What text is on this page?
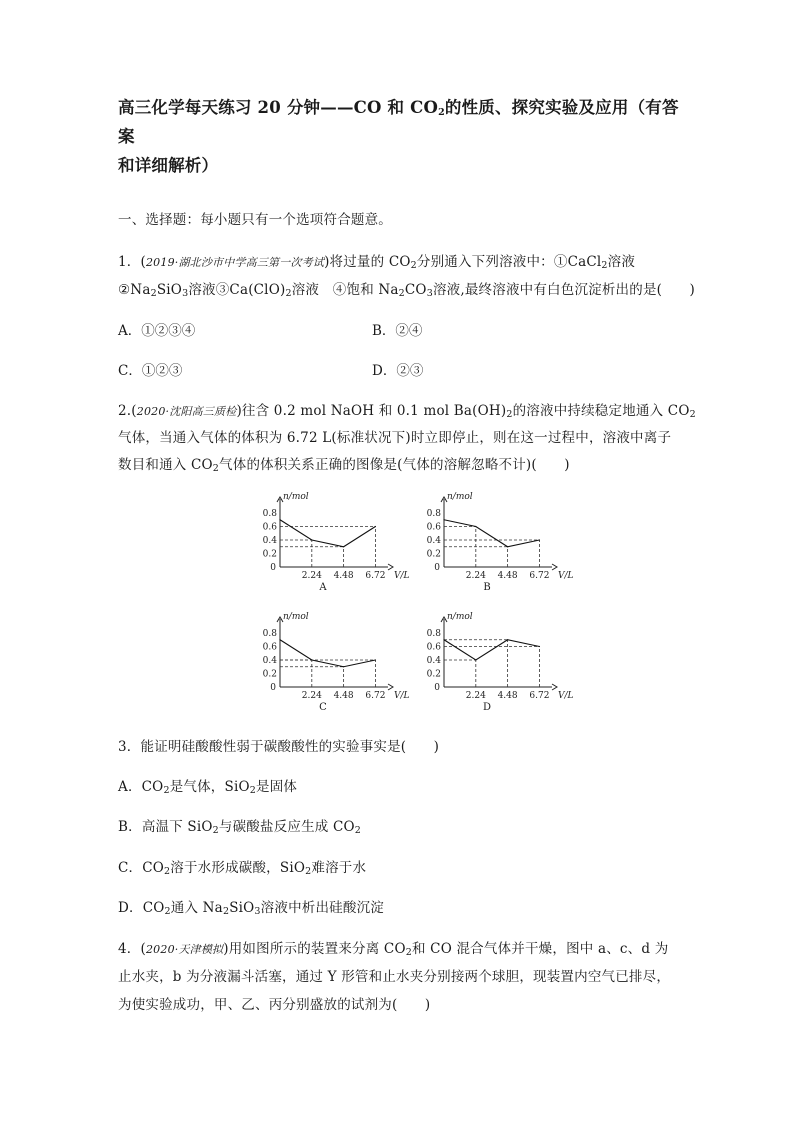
高三化学每天练习 20 分钟——CO 和 $CO_2$的性质、探究实验及应用（有答案
和详细解析）
一、选择题：每小题只有一个选项符合题意。
1．(2019·湖北沙市中学高三第一次考试)将过量的 $CO_2$分别通入下列溶液中：①CaCl$_2$溶液
$②Na_2SiO_3$溶液$③Ca(ClO)_2$溶液　④饱和 $Na_2CO_3$溶液,最终溶液中有白色沉淀析出的是(　　)
A．①②③④	B．②④
C．①②③	D．②③
2.(2020·沈阳高三质检)往含 0.2 mol NaOH 和 0.1 mol $Ba(OH)_2$的溶液中持续稳定地通入 $CO_2$
气体，当通入气体的体积为 6.72 L(标准状况下)时立即停止，则在这一过程中，溶液中离子
数目和通入 $CO_2$气体的体积关系正确的图像是(气体的溶解忽略不计)(　　)
0.8
0.6
0.4
0.2
0
2.24 4.48 6.72
n/mol
V/L
A
0.8
0.6
0.4
0.2
0
2.24 4.48 6.72
n/mol
V/L
B
0.8
0.6
0.4
0.2
0
2.24 4.48 6.72
n/mol
V/L
C
0.8
0.6
0.4
0.2
0
2.24 4.48 6.72
n/mol
V/L
D
3．能证明硅酸酸性弱于碳酸酸性的实验事实是(　　)
A．$CO_2$是气体，SiO$_2$是固体
B．高温下 SiO$_2$与碳酸盐反应生成 $CO_2$
C．$CO_2$溶于水形成碳酸，SiO$_2$难溶于水
D．$CO_2$通入 $Na_2SiO_3$溶液中析出硅酸沉淀
4．(2020·天津模拟)用如图所示的装置来分离 $CO_2$和 CO 混合气体并干燥，图中 a、c、d 为
止水夹，b 为分液漏斗活塞，通过 Y 形管和止水夹分别接两个球胆，现装置内空气已排尽，
为使实验成功，甲、乙、丙分别盛放的试剂为(　　)
